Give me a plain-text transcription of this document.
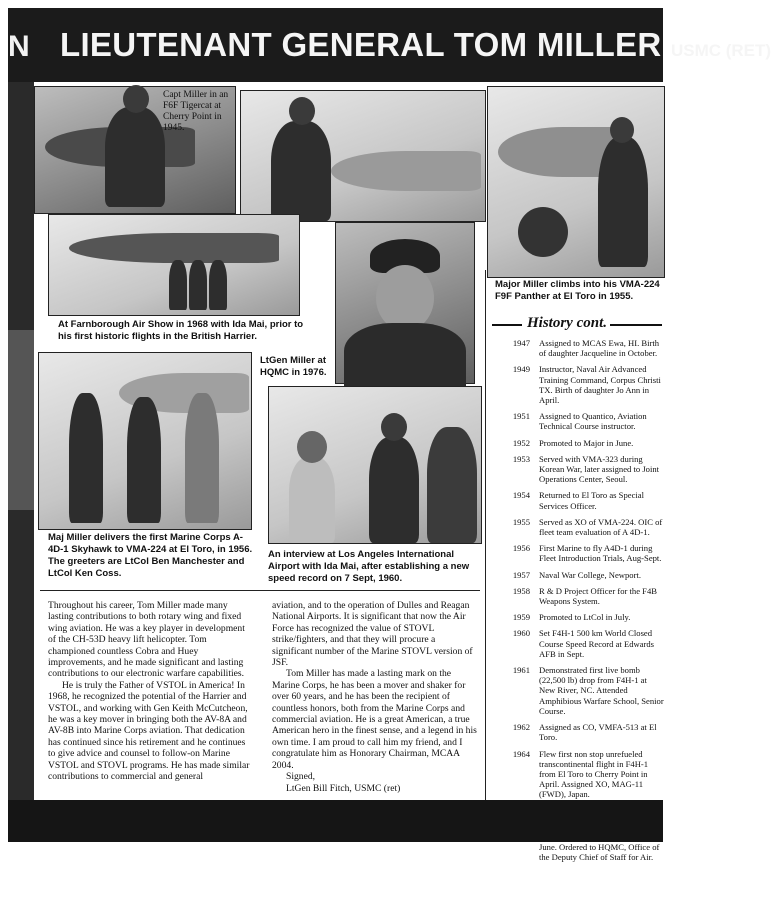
N LIEUTENANT GENERAL TOM MILLER USMC (RET)
Capt Miller in an F6F Tigercat at Cherry Point in 1945.
Major Miller climbs into his VMA-224 F9F Panther at El Toro in 1955.
At Farnborough Air Show in 1968 with Ida Mai, prior to his first historic flights in the British Harrier.
LtGen Miller at HQMC in 1976.
Maj Miller delivers the first Marine Corps A-4D-1 Skyhawk to VMA-224 at El Toro, in 1956. The greeters are LtCol Ben Manchester and LtCol Ken Coss.
An interview at Los Angeles International Airport with Ida Mai, after establishing a new speed record on 7 Sept, 1960.
History cont.
1947	Assigned to MCAS Ewa, HI. Birth of daughter Jacqueline in October.
1949	Instructor, Naval Air Advanced Training Command, Corpus Christi TX. Birth of daughter Jo Ann in April.
1951	Assigned to Quantico, Aviation Technical Course instructor.
1952	Promoted to Major in June.
1953	Served with VMA-323 during Korean War, later assigned to Joint Operations Center, Seoul.
1954	Returned to El Toro as Special Services Officer.
1955	Served as XO of VMA-224. OIC of fleet team evaluation of A 4D-1.
1956	First Marine to fly A4D-1 during Fleet Introduction Trials, Aug-Sept.
1957	Naval War College, Newport.
1958	R & D Project Officer for the F4B Weapons System.
1959	Promoted to LtCol in July.
1960	Set F4H-1 500 km World Closed Course Speed Record at Edwards AFB in Sept.
1961	Demonstrated first live bomb (22,500 lb) drop from F4H-1 at New River, NC. Attended Amphibious Warfare School, Senior Course.
1962	Assigned as CO, VMFA-513 at El Toro.
1964	Flew first non stop unrefueled transcontinental flight in F4H-1 from El Toro to Cherry Point in April. Assigned XO, MAG-11 (FWD), Japan.
June. Ordered to HQMC, Office of the Deputy Chief of Staff for Air.

Throughout his career, Tom Miller made many lasting contributions to both rotary wing and fixed wing aviation. He was a key player in development of the CH-53D heavy lift helicopter. Tom championed countless Cobra and Huey improvements, and he made significant and lasting contributions to our electronic warfare capabilities.

He is truly the Father of VSTOL in America! In 1968, he recognized the potential of the Harrier and VSTOL, and working with Gen Keith McCutcheon, he was a key mover in bringing both the AV-8A and AV-8B into Marine Corps aviation. That dedication has continued since his retirement and he continues to give advice and counsel to follow-on Marine VSTOL and STOVL programs. He has made similar contributions to commercial and general

aviation, and to the operation of Dulles and Reagan National Airports. It is significant that now the Air Force has recognized the value of STOVL strike/fighters, and that they will procure a significant number of the Marine STOVL version of JSF.

Tom Miller has made a lasting mark on the Marine Corps, he has been a mover and shaker for over 60 years, and he has been the recipient of countless honors, both from the Marine Corps and commercial aviation. He is a great American, a true American hero in the finest sense, and a legend in his own time. I am proud to call him my friend, and I congratulate him as Honorary Chairman, MCAA 2004.

Signed,

LtGen Bill Fitch, USMC (ret)
